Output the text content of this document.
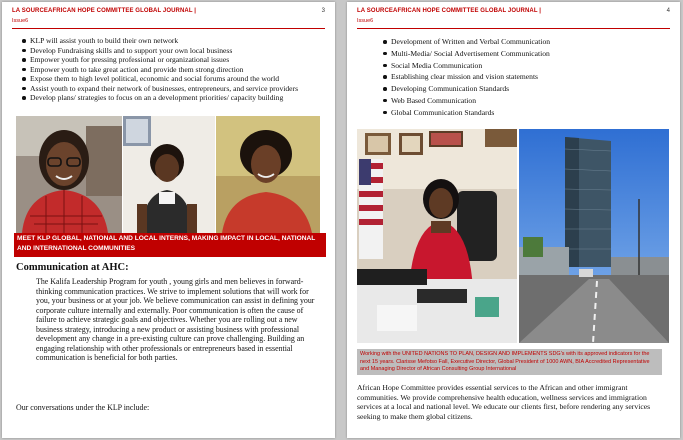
LA SOURCEAFRICAN HOPE COMMITTEE GLOBAL JOURNAL |
Issue6
3
KLP will assist youth to build their own network
Develop Fundraising skills and to support your own local business
Empower youth for pressing professional or organizational issues
Empower youth to take great action and provide them strong direction
Expose them to high level political, economic and social forums around the world
Assist youth to expand their network of businesses, entrepreneurs, and service providers
Develop plans/ strategies to focus on an a development priorities/ capacity building
MEET KLP GLOBAL, NATIONAL AND LOCAL INTERNS, MAKING IMPACT IN LOCAL, NATIONAL AND INTERNATIONAL COMMUNITIES
Communication at AHC:

The Kalifa Leadership Program for youth , young girls and men believes in forward-thinking communication practices. We strive to implement solutions that will work for you, your business or at your job. We believe communication can assist in defining your corporate culture internally and externally. Poor communication is often the cause of failure to achieve strategic goals and objectives. Whether you are rolling out a new business strategy, introducing a new product or assisting business with professional development any change in a pre-existing culture can prove challenging. Building an engaging relationship with other professionals or entrepreneurs based in essential communication is beneficial for both parties.

Our conversations under the KLP include:
LA SOURCEAFRICAN HOPE COMMITTEE GLOBAL JOURNAL |
Issue6
4
Development of Written and Verbal Communication
Multi-Media/ Social Advertisement Communication
Social Media Communication
Establishing clear mission and vision statements
Developing Communication Standards
Web Based Communication
Global Communication Standards
Working with the UNITED NATIONS TO PLAN, DESIGN AND IMPLEMENTS SDG's with its approved indicators for the next 15 years. Clarisse Mefotso Fall, Executive Director, Global President of 1000 AWN, BIA Accredited Representative and Managing Director of African Consulting Group International

African Hope Committee provides essential services to the African and other immigrant communities. We provide comprehensive health education, wellness services and immigration services at a local and national level. We educate our clients first, before rendering any services seeking to make them global citizens.
